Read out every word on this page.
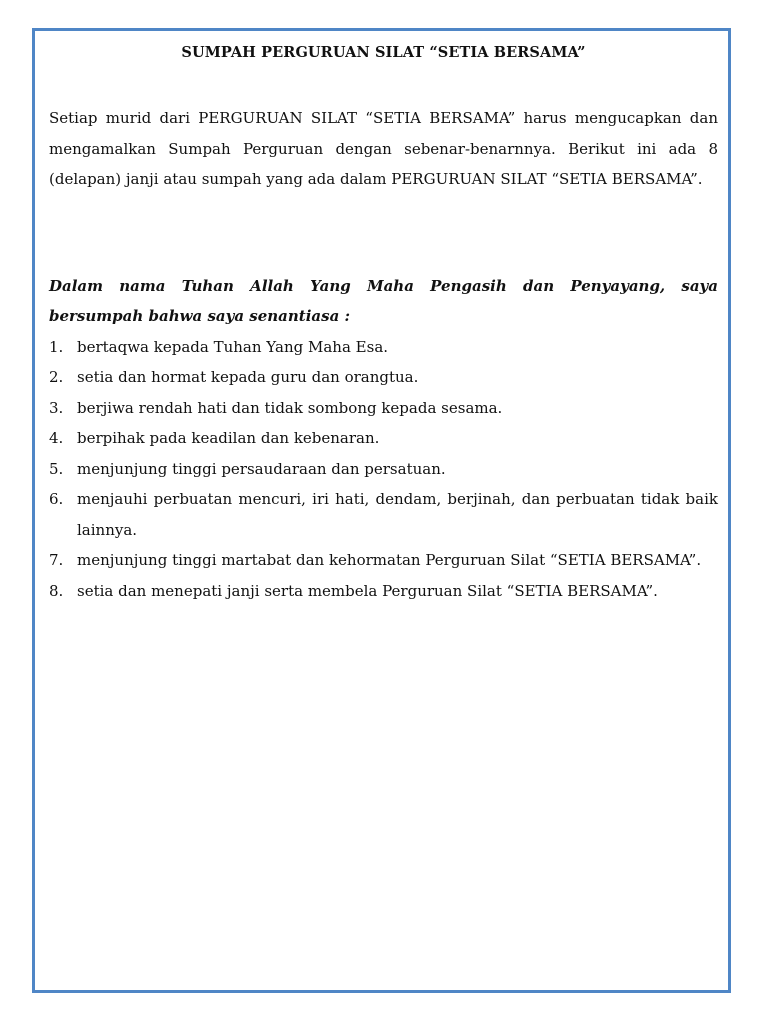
SUMPAH PERGURUAN SILAT “SETIA BERSAMA”

Setiap murid dari PERGURUAN SILAT “SETIA BERSAMA” harus mengucapkan dan mengamalkan Sumpah Perguruan dengan sebenar-benarnnya. Berikut ini ada 8 (delapan) janji atau sumpah yang ada dalam PERGURUAN SILAT “SETIA BERSAMA”.

Dalam nama Tuhan Allah Yang Maha Pengasih dan Penyayang, saya bersumpah bahwa saya senantiasa :

1. bertaqwa kepada Tuhan Yang Maha Esa.
2. setia dan hormat kepada guru dan orangtua.
3. berjiwa rendah hati dan tidak sombong kepada sesama.
4. berpihak pada keadilan dan kebenaran.
5. menjunjung tinggi persaudaraan dan persatuan.
6. menjauhi perbuatan mencuri, iri hati, dendam, berjinah, dan perbuatan tidak baik lainnya.
7. menjunjung tinggi martabat dan kehormatan Perguruan Silat “SETIA BERSAMA”.
8. setia dan menepati janji serta membela Perguruan Silat “SETIA BERSAMA”.
